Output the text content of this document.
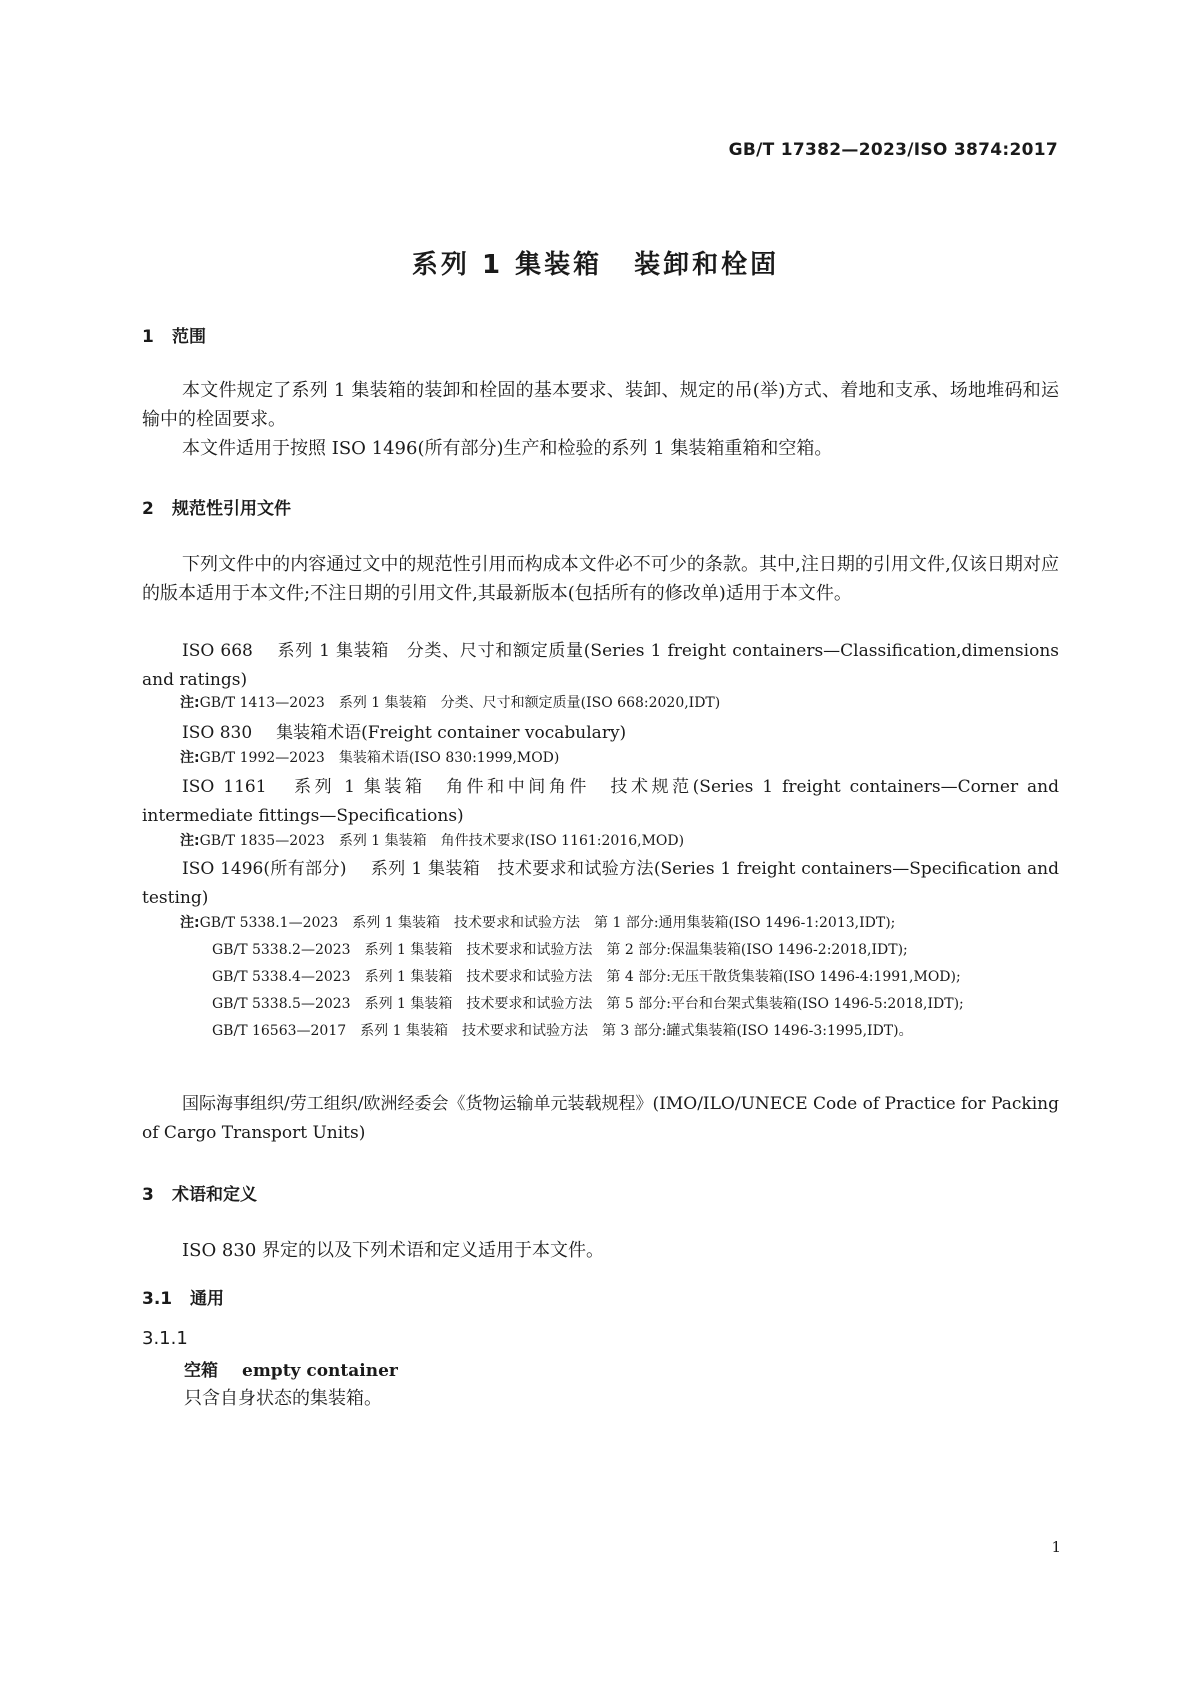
GB/T 17382—2023/ISO 3874:2017
系列 1 集装箱 装卸和栓固
1 范围
本文件规定了系列 1 集装箱的装卸和栓固的基本要求、装卸、规定的吊(举)方式、着地和支承、场地堆码和运输中的栓固要求。
本文件适用于按照 ISO 1496(所有部分)生产和检验的系列 1 集装箱重箱和空箱。
2 规范性引用文件
下列文件中的内容通过文中的规范性引用而构成本文件必不可少的条款。其中,注日期的引用文件,仅该日期对应的版本适用于本文件;不注日期的引用文件,其最新版本(包括所有的修改单)适用于本文件。
ISO 668 系列 1 集装箱　分类、尺寸和额定质量(Series 1 freight containers—Classification,dimensions and ratings)
注:GB/T 1413—2023　系列 1 集装箱　分类、尺寸和额定质量(ISO 668:2020,IDT)
ISO 830 集装箱术语(Freight container vocabulary)
注:GB/T 1992—2023　集装箱术语(ISO 830:1999,MOD)
ISO 1161 系列 1 集装箱　角件和中间角件　技术规范(Series 1 freight containers—Corner and intermediate fittings—Specifications)
注:GB/T 1835—2023　系列 1 集装箱　角件技术要求(ISO 1161:2016,MOD)
ISO 1496(所有部分) 系列 1 集装箱　技术要求和试验方法(Series 1 freight containers—Specification and testing)
注:GB/T 5338.1—2023　系列 1 集装箱　技术要求和试验方法　第 1 部分:通用集装箱(ISO 1496-1:2013,IDT);
GB/T 5338.2—2023　系列 1 集装箱　技术要求和试验方法　第 2 部分:保温集装箱(ISO 1496-2:2018,IDT);
GB/T 5338.4—2023　系列 1 集装箱　技术要求和试验方法　第 4 部分:无压干散货集装箱(ISO 1496-4:1991,MOD);
GB/T 5338.5—2023　系列 1 集装箱　技术要求和试验方法　第 5 部分:平台和台架式集装箱(ISO 1496-5:2018,IDT);
GB/T 16563—2017　系列 1 集装箱　技术要求和试验方法　第 3 部分:罐式集装箱(ISO 1496-3:1995,IDT)。
国际海事组织/劳工组织/欧洲经委会《货物运输单元装载规程》(IMO/ILO/UNECE Code of Practice for Packing of Cargo Transport Units)
3 术语和定义
ISO 830 界定的以及下列术语和定义适用于本文件。
3.1 通用
3.1.1
空箱 empty container
只含自身状态的集装箱。
1
